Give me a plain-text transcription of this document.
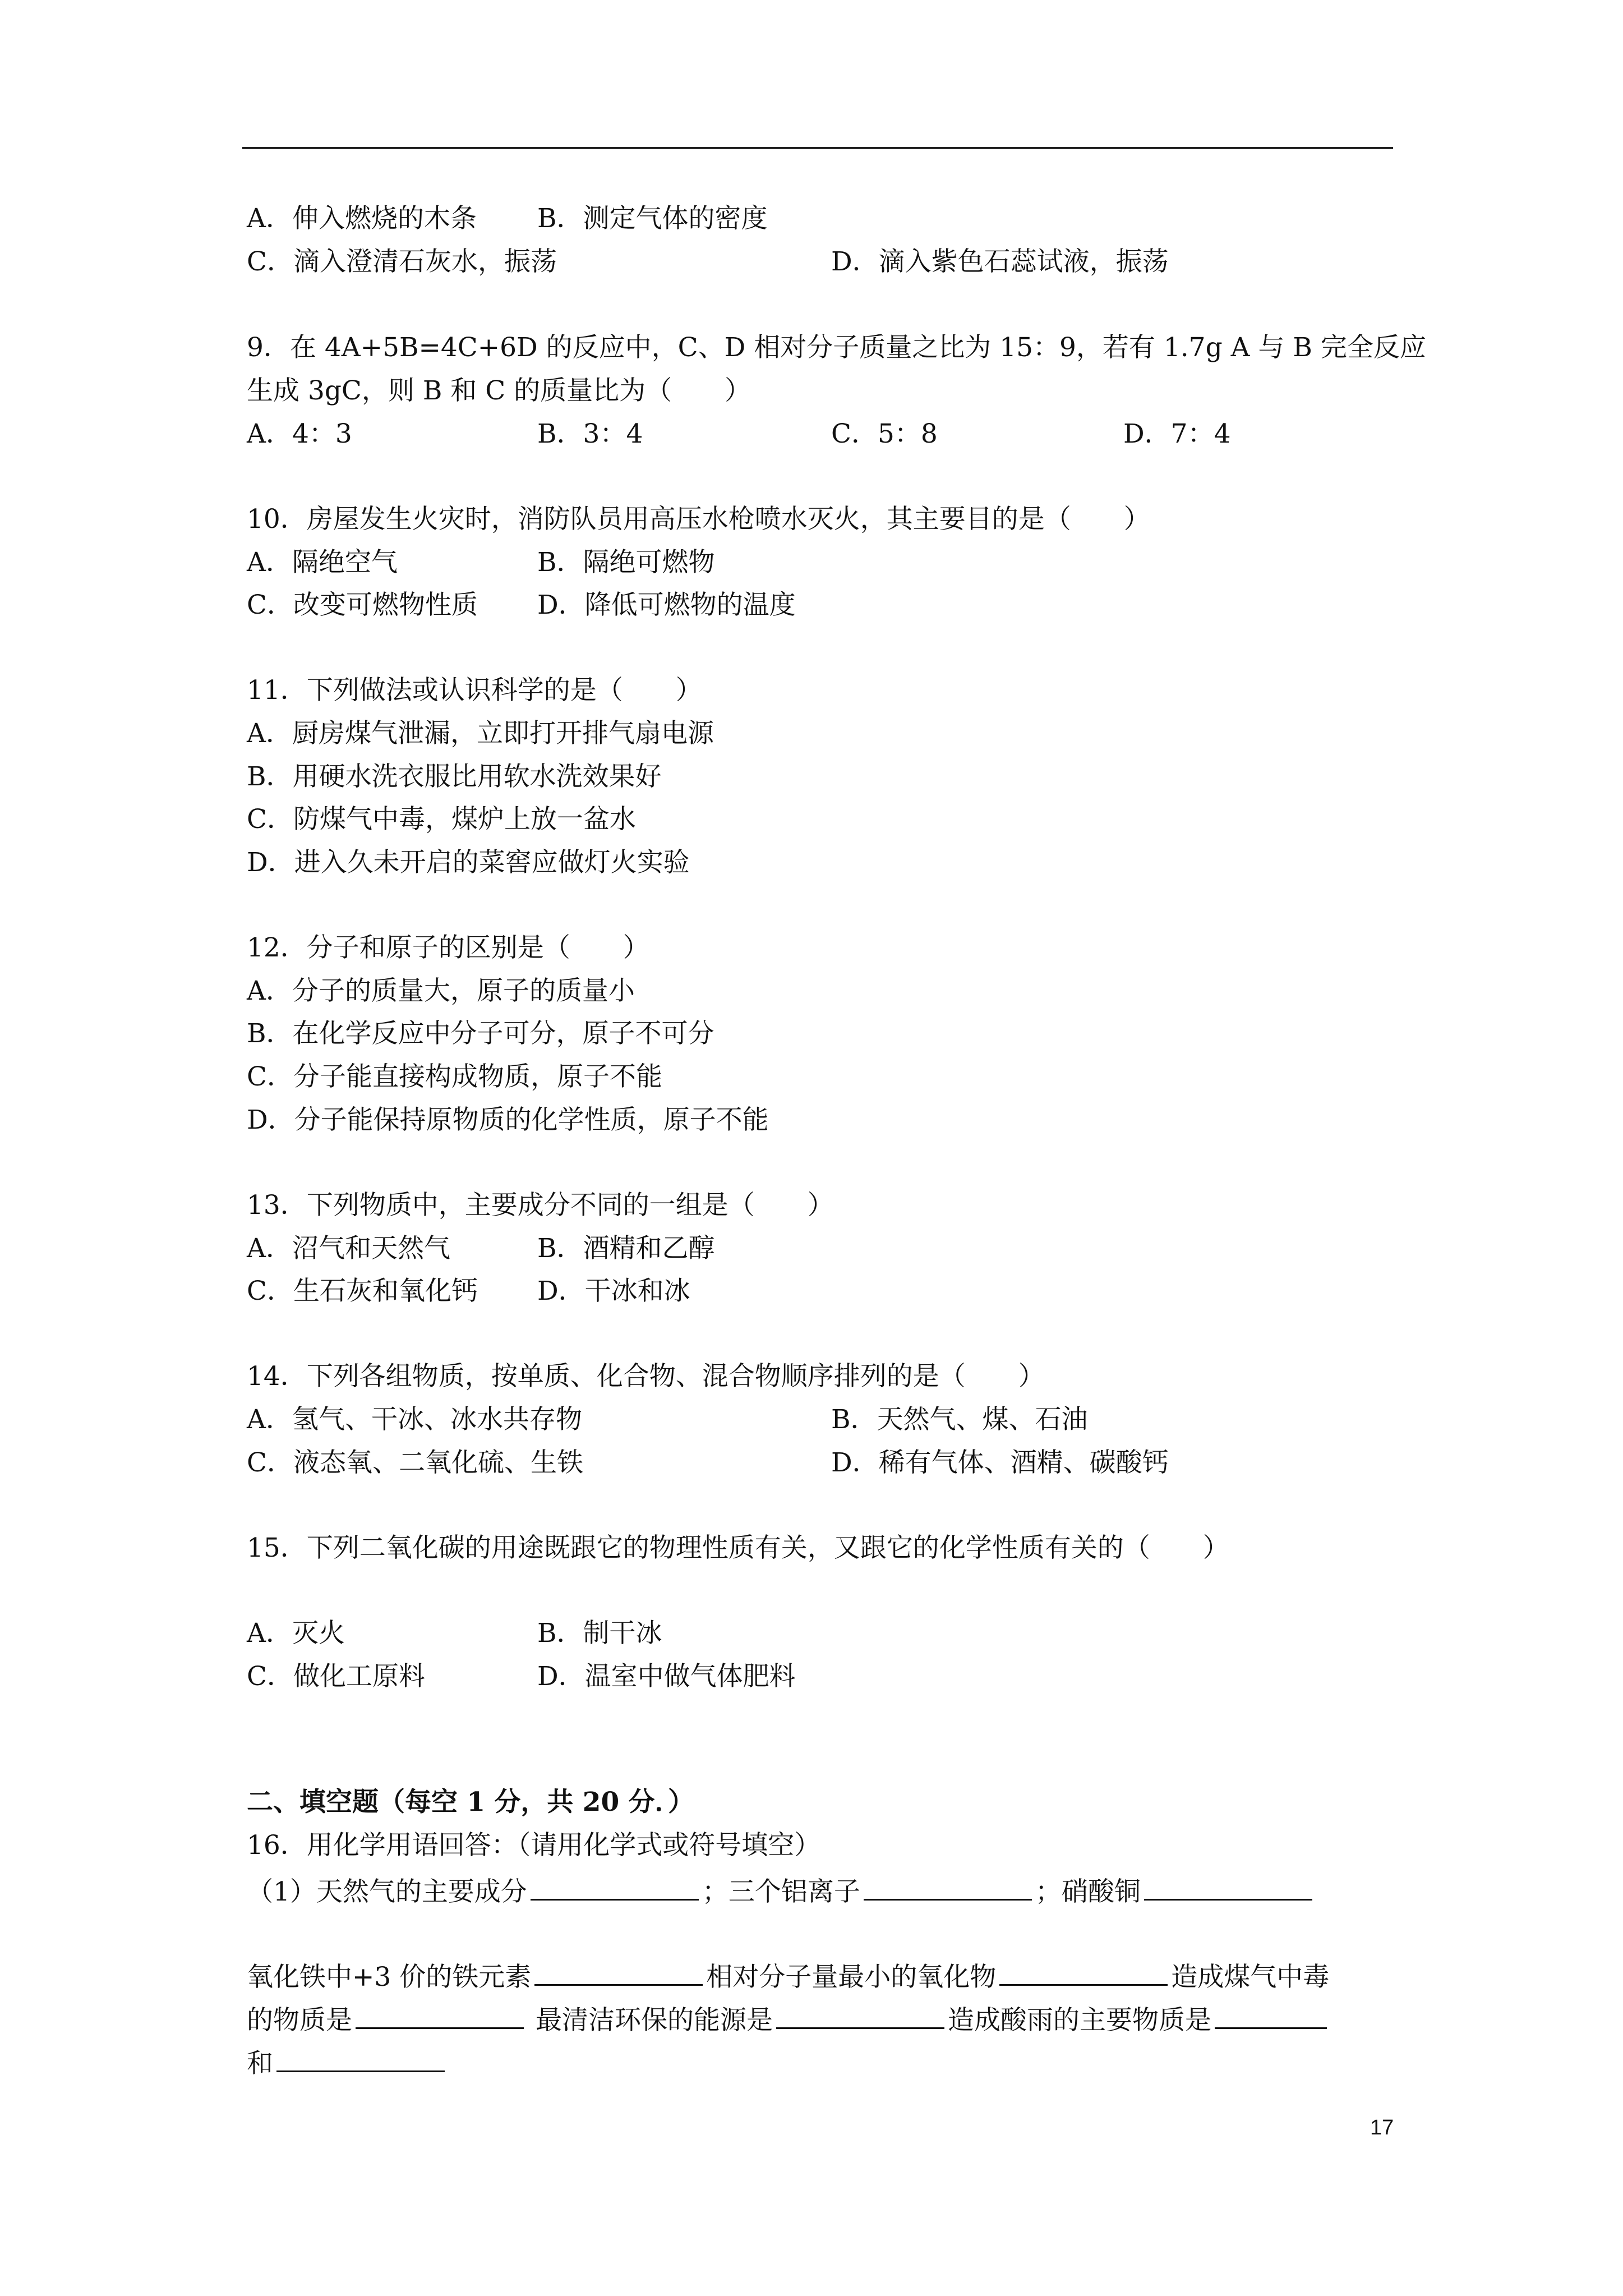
A．伸入燃烧的木条 B．测定气体的密度
C．滴入澄清石灰水，振荡	D．滴入紫色石蕊试液，振荡
9．在 4A+5B=4C+6D 的反应中，C、D 相对分子质量之比为 15：9，若有 1.7g A 与 B 完全反应
生成 3gC，则 B 和 C 的质量比为（　　）
A．4：3	B．3：4	C．5：8	D．7：4
10．房屋发生火灾时，消防队员用高压水枪喷水灭火，其主要目的是（　　）
A．隔绝空气	B．隔绝可燃物
C．改变可燃物性质 D．降低可燃物的温度
11．下列做法或认识科学的是（　　）
A．厨房煤气泄漏，立即打开排气扇电源
B．用硬水洗衣服比用软水洗效果好
C．防煤气中毒，煤炉上放一盆水
D．进入久未开启的菜窖应做灯火实验
12．分子和原子的区别是（　　）
A．分子的质量大，原子的质量小
B．在化学反应中分子可分，原子不可分
C．分子能直接构成物质，原子不能
D．分子能保持原物质的化学性质，原子不能
13．下列物质中，主要成分不同的一组是（　　）
A．沼气和天然气	B．酒精和乙醇
C．生石灰和氧化钙 D．干冰和冰
14．下列各组物质，按单质、化合物、混合物顺序排列的是（　　）
A．氢气、干冰、冰水共存物	B．天然气、煤、石油
C．液态氧、二氧化硫、生铁	D．稀有气体、酒精、碳酸钙
15．下列二氧化碳的用途既跟它的物理性质有关，又跟它的化学性质有关的（　　）
A．灭火	B．制干冰
C．做化工原料	D．温室中做气体肥料
二、填空题（每空 1 分，共 20 分．）
16．用化学用语回答：（请用化学式或符号填空）
（1）天然气的主要成分	；三个铝离子	；硝酸铜
氧化铁中+3 价的铁元素	相对分子量最小的氧化物	造成煤气中毒
的物质是	最清洁环保的能源是	造成酸雨的主要物质是
和
17
